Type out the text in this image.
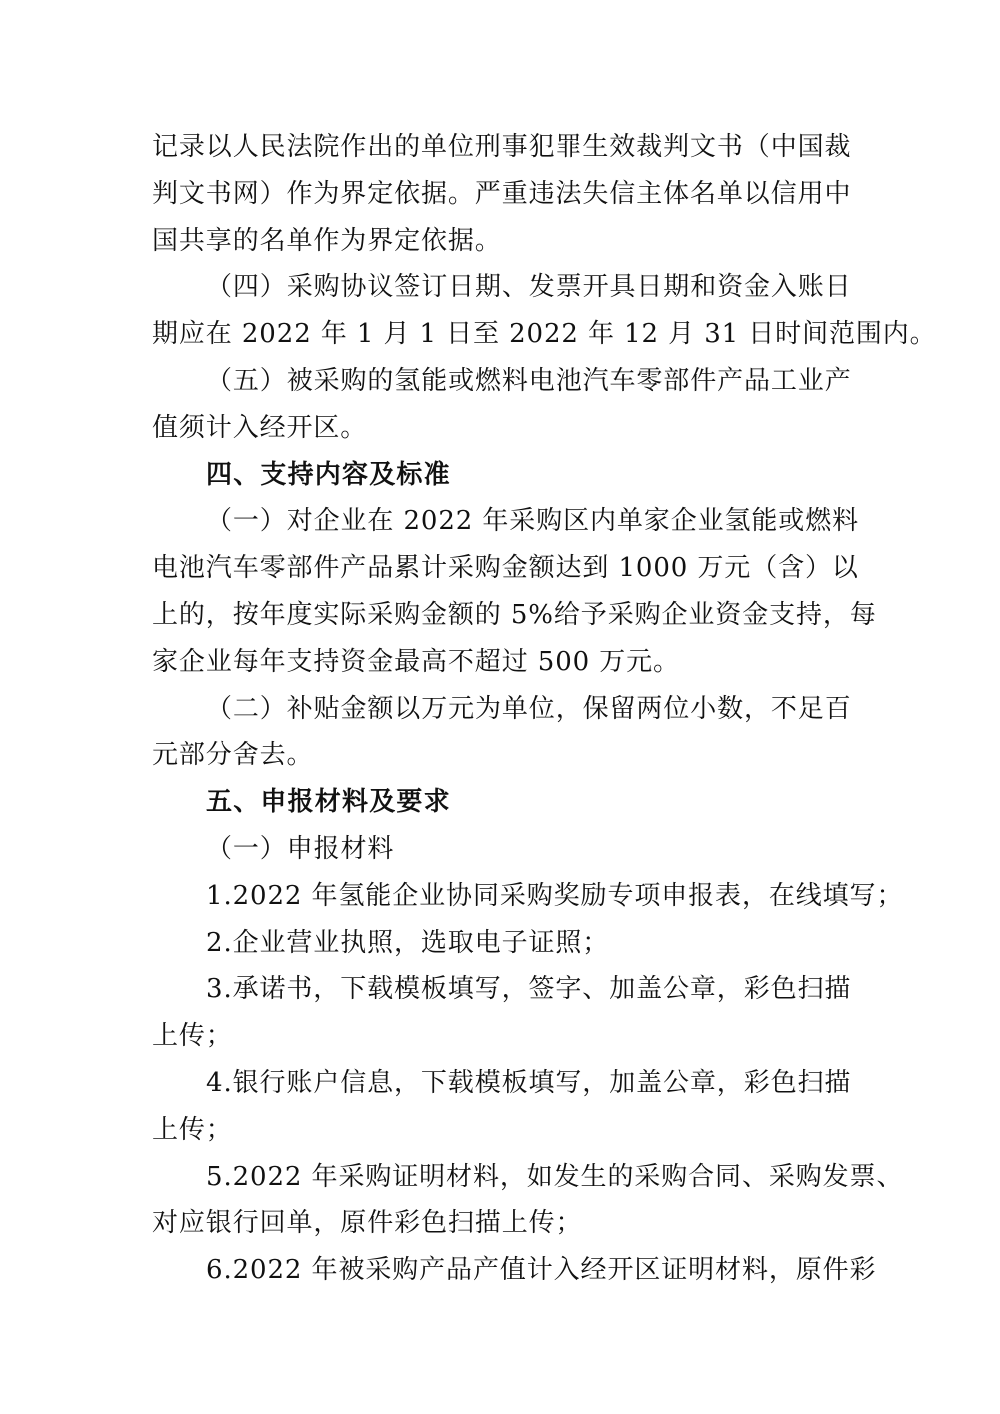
记录以人民法院作出的单位刑事犯罪生效裁判文书（中国裁
判文书网）作为界定依据。严重违法失信主体名单以信用中
国共享的名单作为界定依据。
（四）采购协议签订日期、发票开具日期和资金入账日
期应在 2022 年 1 月 1 日至 2022 年 12 月 31 日时间范围内。
（五）被采购的氢能或燃料电池汽车零部件产品工业产
值须计入经开区。
四、支持内容及标准
（一）对企业在 2022 年采购区内单家企业氢能或燃料
电池汽车零部件产品累计采购金额达到 1000 万元（含）以
上的，按年度实际采购金额的 5%给予采购企业资金支持，每
家企业每年支持资金最高不超过 500 万元。
（二）补贴金额以万元为单位，保留两位小数，不足百
元部分舍去。
五、申报材料及要求
（一）申报材料
1.2022 年氢能企业协同采购奖励专项申报表，在线填写；
2.企业营业执照，选取电子证照；
3.承诺书，下载模板填写，签字、加盖公章，彩色扫描
上传；
4.银行账户信息，下载模板填写，加盖公章，彩色扫描
上传；
5.2022 年采购证明材料，如发生的采购合同、采购发票、
对应银行回单，原件彩色扫描上传；
6.2022 年被采购产品产值计入经开区证明材料，原件彩
